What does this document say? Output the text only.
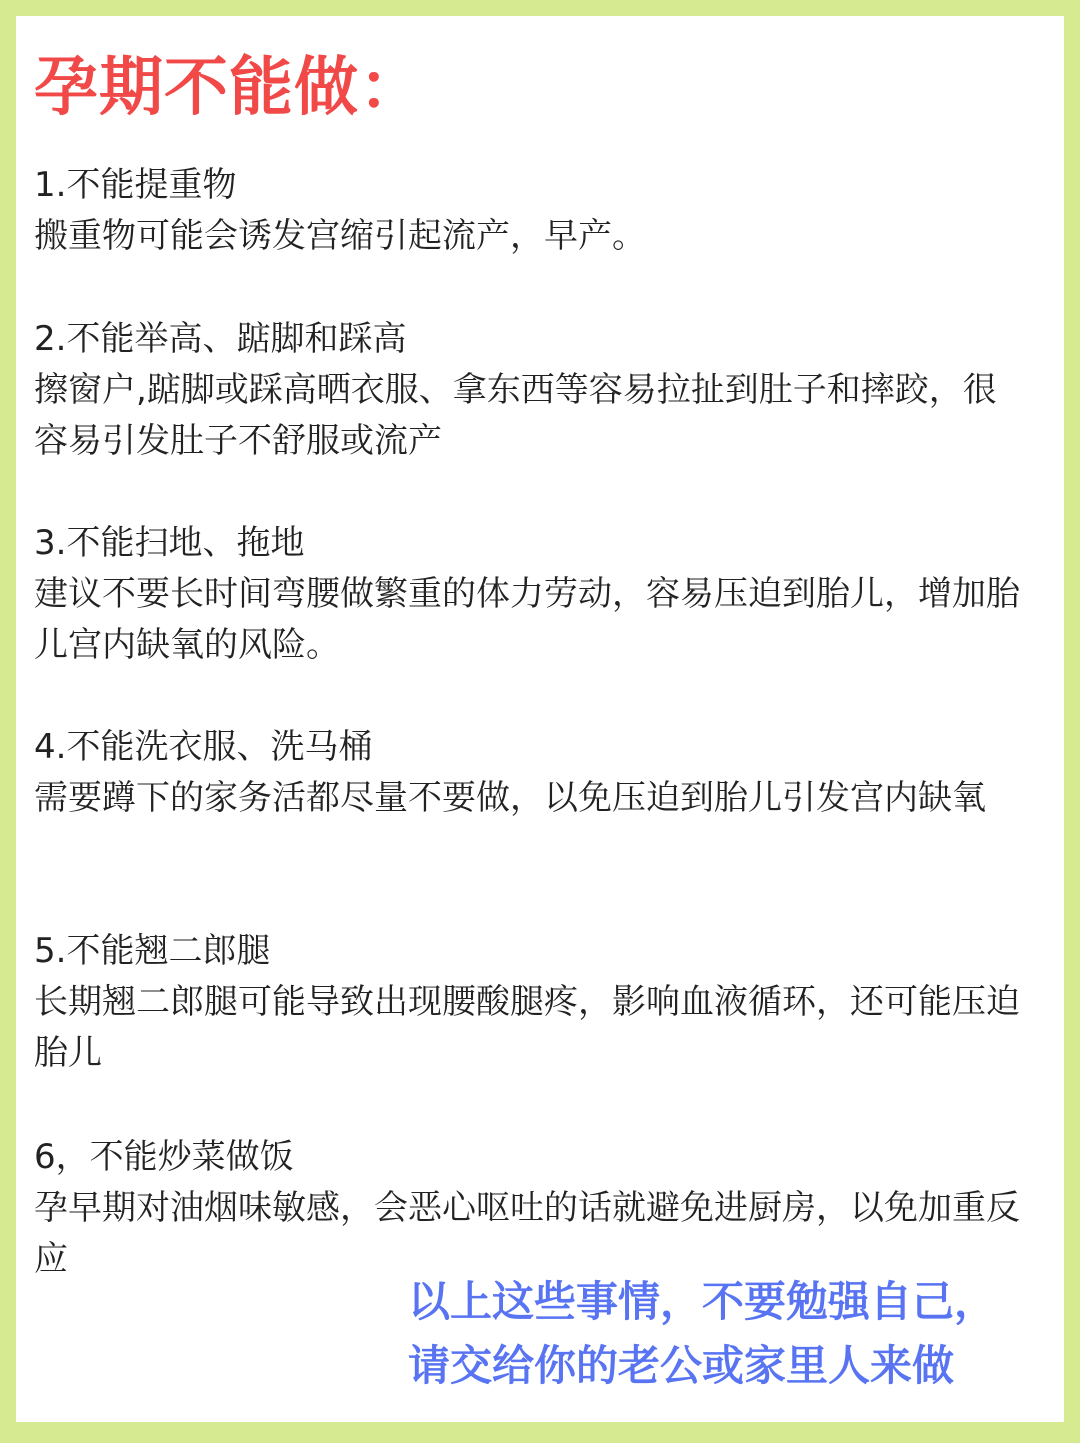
孕期不能做：
1.不能提重物
搬重物可能会诱发宫缩引起流产，早产。
2.不能举高、踮脚和踩高
擦窗户,踮脚或踩高晒衣服、拿东西等容易拉扯到肚子和摔跤，很容易引发肚子不舒服或流产
3.不能扫地、拖地
建议不要长时间弯腰做繁重的体力劳动，容易压迫到胎儿，增加胎儿宫内缺氧的风险。
4.不能洗衣服、洗马桶
需要蹲下的家务活都尽量不要做，以免压迫到胎儿引发宫内缺氧
5.不能翘二郎腿
长期翘二郎腿可能导致出现腰酸腿疼，影响血液循环，还可能压迫胎儿
6，不能炒菜做饭
孕早期对油烟味敏感，会恶心呕吐的话就避免进厨房，以免加重反应
以上这些事情，不要勉强自己，
请交给你的老公或家里人来做
